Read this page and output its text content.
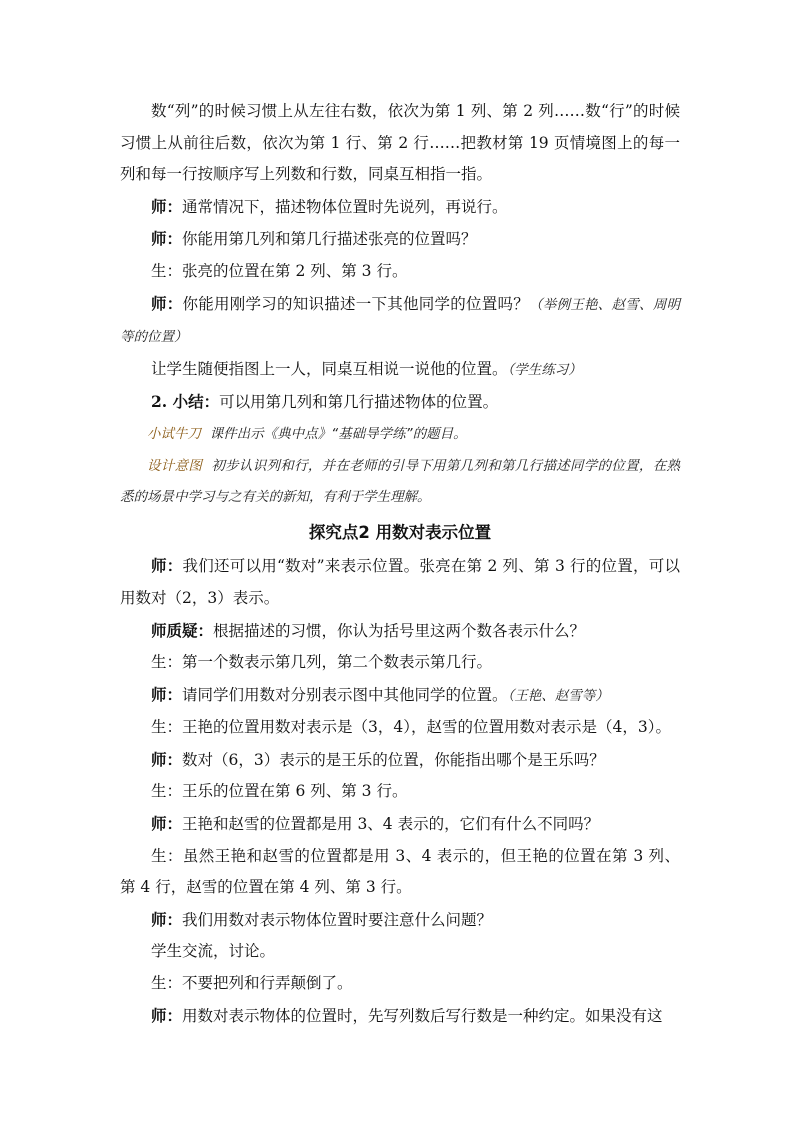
数“列”的时候习惯上从左往右数，依次为第 1 列、第 2 列……数“行”的时候习惯上从前往后数，依次为第 1 行、第 2 行……把教材第 19 页情境图上的每一列和每一行按顺序写上列数和行数，同桌互相指一指。

师：通常情况下，描述物体位置时先说列，再说行。

师：你能用第几列和第几行描述张亮的位置吗？

生：张亮的位置在第 2 列、第 3 行。

师：你能用刚学习的知识描述一下其他同学的位置吗？（举例王艳、赵雪、周明等的位置）

让学生随便指图上一人，同桌互相说一说他的位置。（学生练习）

2. 小结：可以用第几列和第几行描述物体的位置。

小试牛刀 课件出示《典中点》“基础导学练”的题目。

设计意图 初步认识列和行，并在老师的引导下用第几列和第几行描述同学的位置，在熟悉的场景中学习与之有关的新知，有利于学生理解。

探究点2 用数对表示位置

师：我们还可以用“数对”来表示位置。张亮在第 2 列、第 3 行的位置，可以用数对（2，3）表示。

师质疑：根据描述的习惯，你认为括号里这两个数各表示什么？

生：第一个数表示第几列，第二个数表示第几行。

师：请同学们用数对分别表示图中其他同学的位置。（王艳、赵雪等）

生：王艳的位置用数对表示是（3，4），赵雪的位置用数对表示是（4，3）。

师：数对（6，3）表示的是王乐的位置，你能指出哪个是王乐吗？

生：王乐的位置在第 6 列、第 3 行。

师：王艳和赵雪的位置都是用 3、4 表示的，它们有什么不同吗？

生：虽然王艳和赵雪的位置都是用 3、4 表示的，但王艳的位置在第 3 列、第 4 行，赵雪的位置在第 4 列、第 3 行。

师：我们用数对表示物体位置时要注意什么问题？

学生交流，讨论。

生：不要把列和行弄颠倒了。

师：用数对表示物体的位置时，先写列数后写行数是一种约定。如果没有这
